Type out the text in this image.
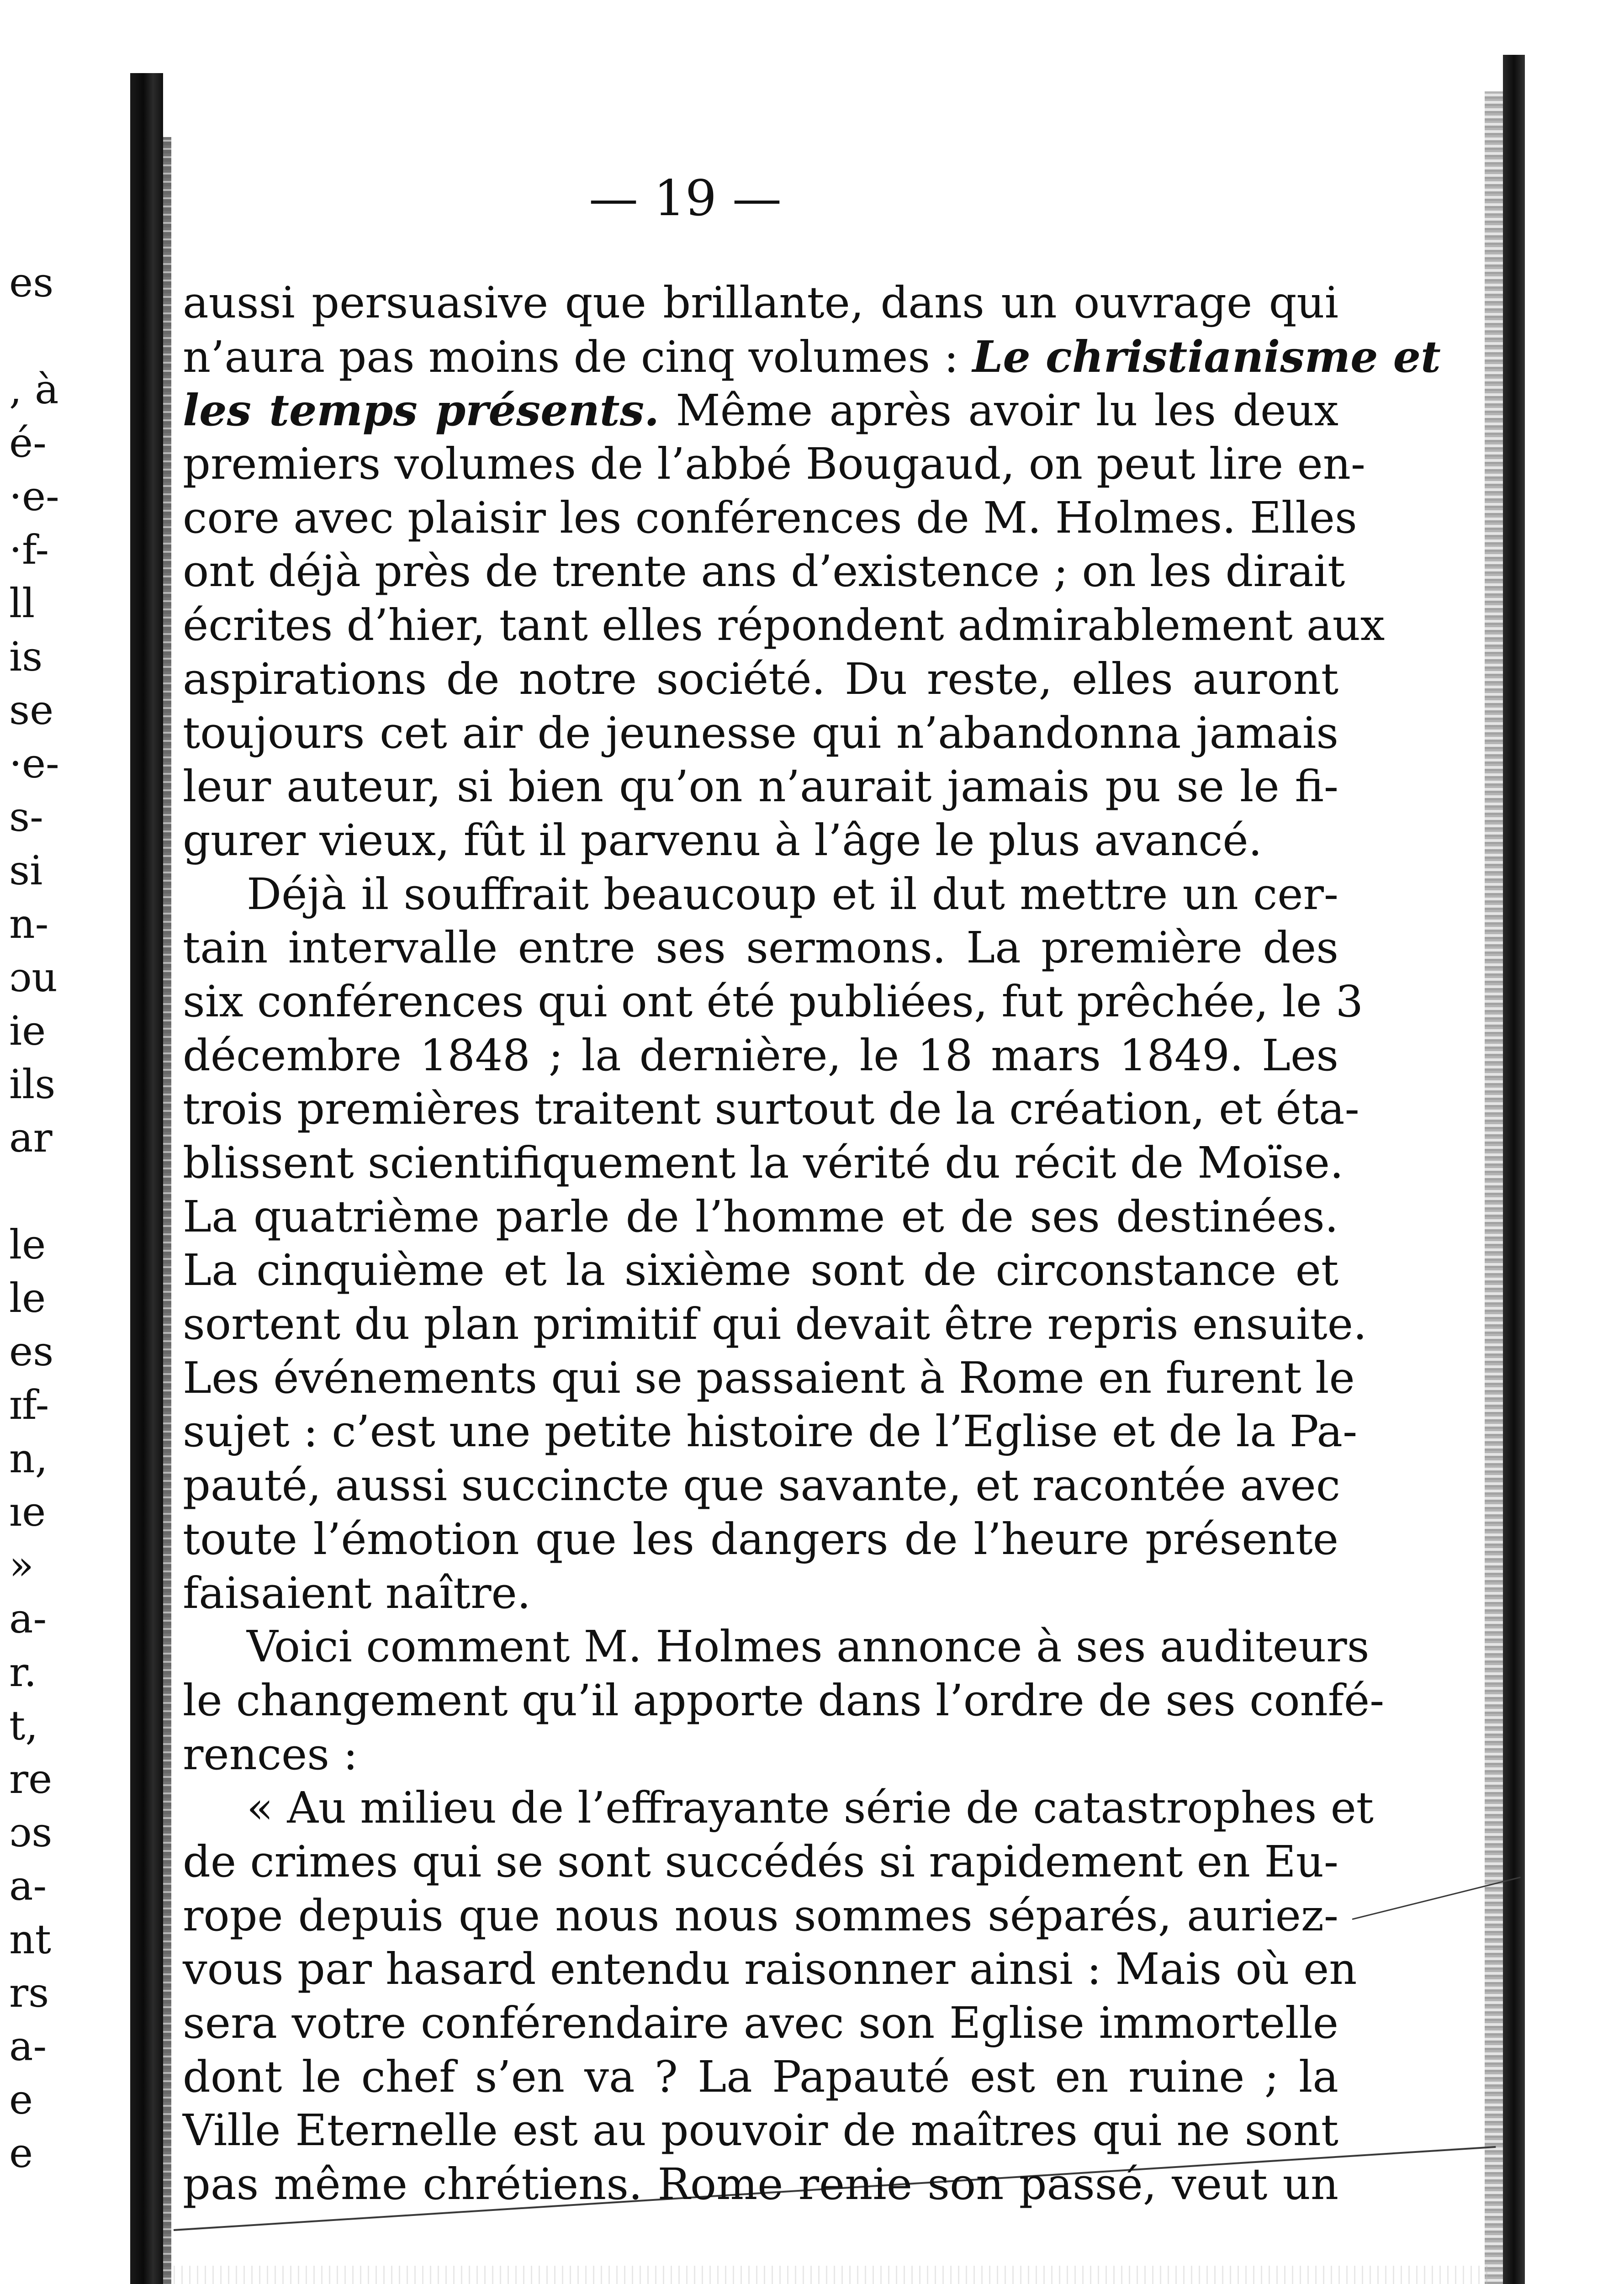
es
, à
é-
·e-
·f-
ll
is
se
·e-
s-
si
n-
ɔu
ie
ils
ar
le
le
es
ɪf-
n,
ıe
»
a-
r.
t,
re
ɔs
a-
nt
rs
a-
e
e
— 19 —
aussi persuasive que brillante, dans un ouvrage qui
n’aura pas moins de cinq volumes : Le christianisme et
les temps présents. Même après avoir lu les deux
premiers volumes de l’abbé Bougaud, on peut lire en-
core avec plaisir les conférences de M. Holmes. Elles
ont déjà près de trente ans d’existence ; on les dirait
écrites d’hier, tant elles répondent admirablement aux
aspirations de notre société. Du reste, elles auront
toujours cet air de jeunesse qui n’abandonna jamais
leur auteur, si bien qu’on n’aurait jamais pu se le fi-
gurer vieux, fût il parvenu à l’âge le plus avancé.
Déjà il souffrait beaucoup et il dut mettre un cer-
tain intervalle entre ses sermons. La première des
six conférences qui ont été publiées, fut prêchée, le 3
décembre 1848 ; la dernière, le 18 mars 1849. Les
trois premières traitent surtout de la création, et éta-
blissent scientifiquement la vérité du récit de Moïse.
La quatrième parle de l’homme et de ses destinées.
La cinquième et la sixième sont de circonstance et
sortent du plan primitif qui devait être repris ensuite.
Les événements qui se passaient à Rome en furent le
sujet : c’est une petite histoire de l’Eglise et de la Pa-
pauté, aussi succincte que savante, et racontée avec
toute l’émotion que les dangers de l’heure présente
faisaient naître.
Voici comment M. Holmes annonce à ses auditeurs
le changement qu’il apporte dans l’ordre de ses confé-
rences :
« Au milieu de l’effrayante série de catastrophes et
de crimes qui se sont succédés si rapidement en Eu-
rope depuis que nous nous sommes séparés, auriez-
vous par hasard entendu raisonner ainsi : Mais où en
sera votre conférendaire avec son Eglise immortelle
dont le chef s’en va ? La Papauté est en ruine ; la
Ville Eternelle est au pouvoir de maîtres qui ne sont
pas même chrétiens. Rome renie son passé, veut un
